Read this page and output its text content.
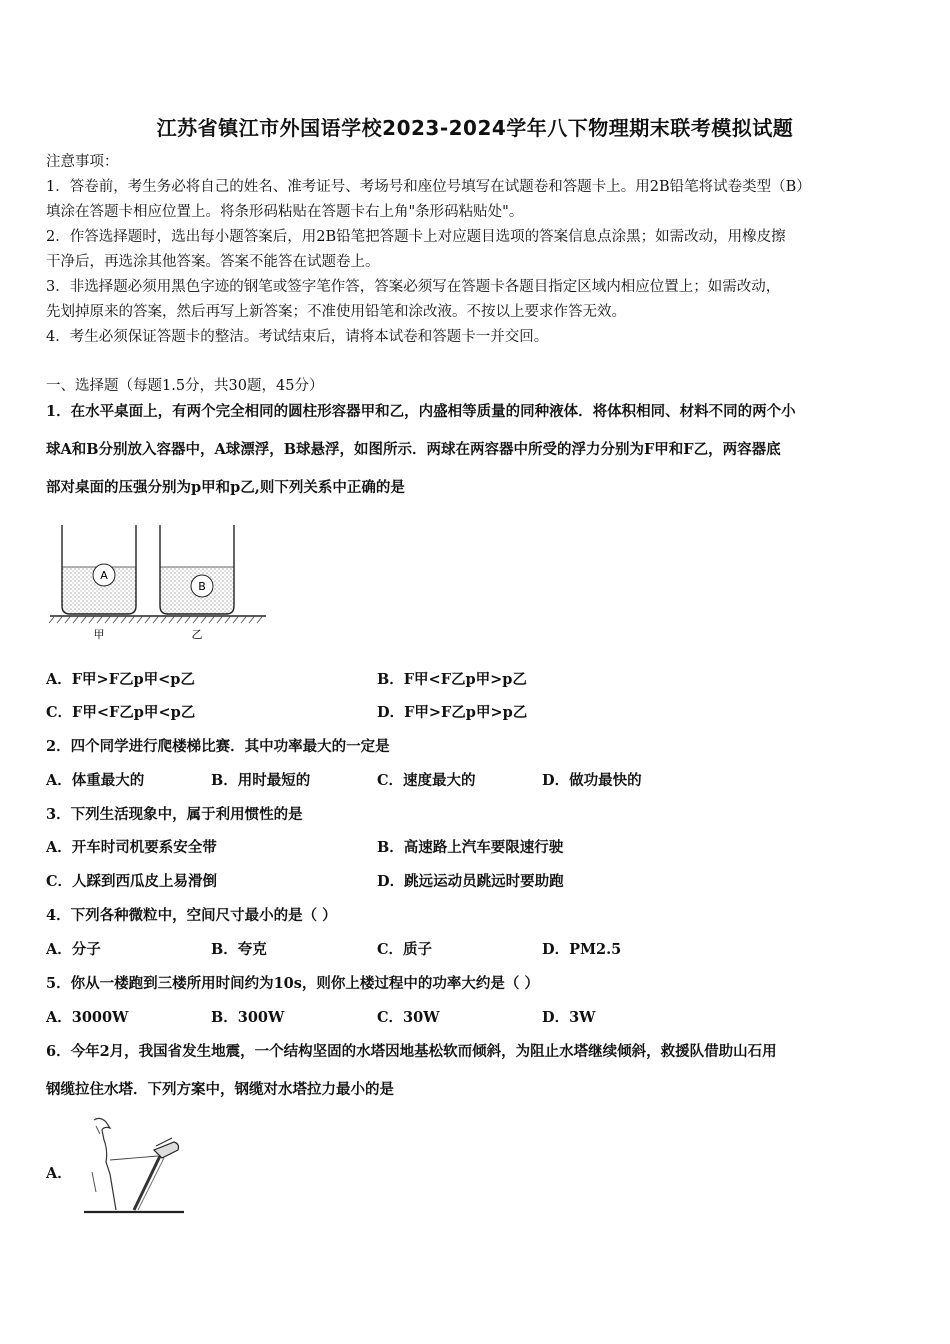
江苏省镇江市外国语学校2023-2024学年八下物理期末联考模拟试题
注意事项：
1．答卷前，考生务必将自己的姓名、准考证号、考场号和座位号填写在试题卷和答题卡上。用2B铅笔将试卷类型（B）
填涂在答题卡相应位置上。将条形码粘贴在答题卡右上角"条形码粘贴处"。
2．作答选择题时，选出每小题答案后，用2B铅笔把答题卡上对应题目选项的答案信息点涂黑；如需改动，用橡皮擦
干净后，再选涂其他答案。答案不能答在试题卷上。
3．非选择题必须用黑色字迹的钢笔或签字笔作答，答案必须写在答题卡各题目指定区域内相应位置上；如需改动，
先划掉原来的答案，然后再写上新答案；不准使用铅笔和涂改液。不按以上要求作答无效。
4．考生必须保证答题卡的整洁。考试结束后，请将本试卷和答题卡一并交回。
一、选择题（每题1.5分，共30题，45分）
1．在水平桌面上，有两个完全相同的圆柱形容器甲和乙，内盛相等质量的同种液体．将体积相同、材料不同的两个小
球A和B分别放入容器中，A球漂浮，B球悬浮，如图所示．两球在两容器中所受的浮力分别为F甲和F乙，两容器底
部对桌面的压强分别为p甲和p乙,则下列关系中正确的是
A
B
甲	乙
A．F甲>F乙p甲<p乙	B．F甲<F乙p甲>p乙
C．F甲<F乙p甲<p乙	D．F甲>F乙p甲>p乙
2．四个同学进行爬楼梯比赛．其中功率最大的一定是
A．体重最大的	B．用时最短的	C．速度最大的	D．做功最快的
3．下列生活现象中，属于利用惯性的是
A．开车时司机要系安全带	B．高速路上汽车要限速行驶
C．人踩到西瓜皮上易滑倒	D．跳远运动员跳远时要助跑
4．下列各种微粒中，空间尺寸最小的是（ ）
A．分子	B．夸克	C．质子	D．PM2.5
5．你从一楼跑到三楼所用时间约为10s，则你上楼过程中的功率大约是（ ）
A．3000W	B．300W	C．30W	D．3W
6．今年2月，我国省发生地震，一个结构坚固的水塔因地基松软而倾斜，为阻止水塔继续倾斜，救援队借助山石用
钢缆拉住水塔．下列方案中，钢缆对水塔拉力最小的是
A．
